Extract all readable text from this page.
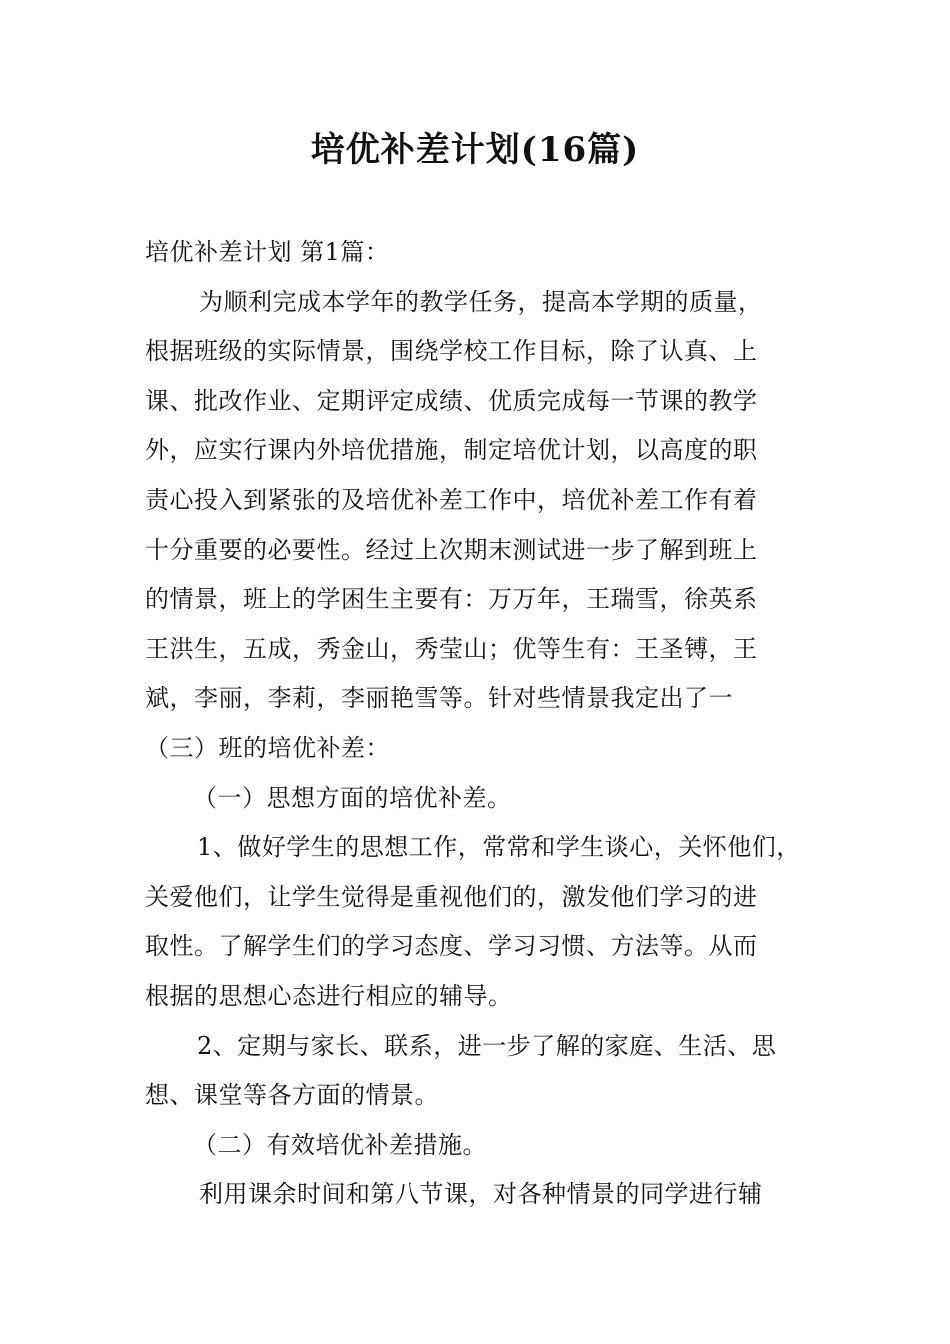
培优补差计划(16篇)
培优补差计划 第1篇：
为顺利完成本学年的教学任务，提高本学期的质量，
根据班级的实际情景，围绕学校工作目标，除了认真、上
课、批改作业、定期评定成绩、优质完成每一节课的教学
外，应实行课内外培优措施，制定培优计划，以高度的职
责心投入到紧张的及培优补差工作中，培优补差工作有着
十分重要的必要性。经过上次期末测试进一步了解到班上
的情景，班上的学困生主要有：万万年，王瑞雪，徐英系
王洪生，五成，秀金山，秀莹山；优等生有：王圣镈，王
斌，李丽，李莉，李丽艳雪等。针对些情景我定出了一
（三）班的培优补差：
（一）思想方面的培优补差。
1、做好学生的思想工作，常常和学生谈心，关怀他们，
关爱他们，让学生觉得是重视他们的，激发他们学习的进
取性。了解学生们的学习态度、学习习惯、方法等。从而
根据的思想心态进行相应的辅导。
2、定期与家长、联系，进一步了解的家庭、生活、思
想、课堂等各方面的情景。
（二）有效培优补差措施。
利用课余时间和第八节课，对各种情景的同学进行辅
